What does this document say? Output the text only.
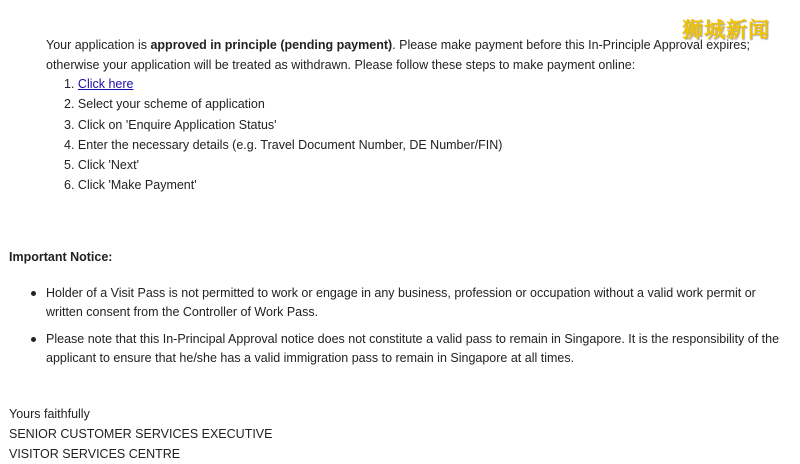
狮城新闻
Your application is approved in principle (pending payment). Please make payment before this In-Principle Approval expires; otherwise your application will be treated as withdrawn. Please follow these steps to make payment online:
1. Click here
2. Select your scheme of application
3. Click on 'Enquire Application Status'
4. Enter the necessary details (e.g. Travel Document Number, DE Number/FIN)
5. Click 'Next'
6. Click 'Make Payment'
Important Notice:
Holder of a Visit Pass is not permitted to work or engage in any business, profession or occupation without a valid work permit or written consent from the Controller of Work Pass.
Please note that this In-Principal Approval notice does not constitute a valid pass to remain in Singapore. It is the responsibility of the applicant to ensure that he/she has a valid immigration pass to remain in Singapore at all times.
Yours faithfully
SENIOR CUSTOMER SERVICES EXECUTIVE
VISITOR SERVICES CENTRE
